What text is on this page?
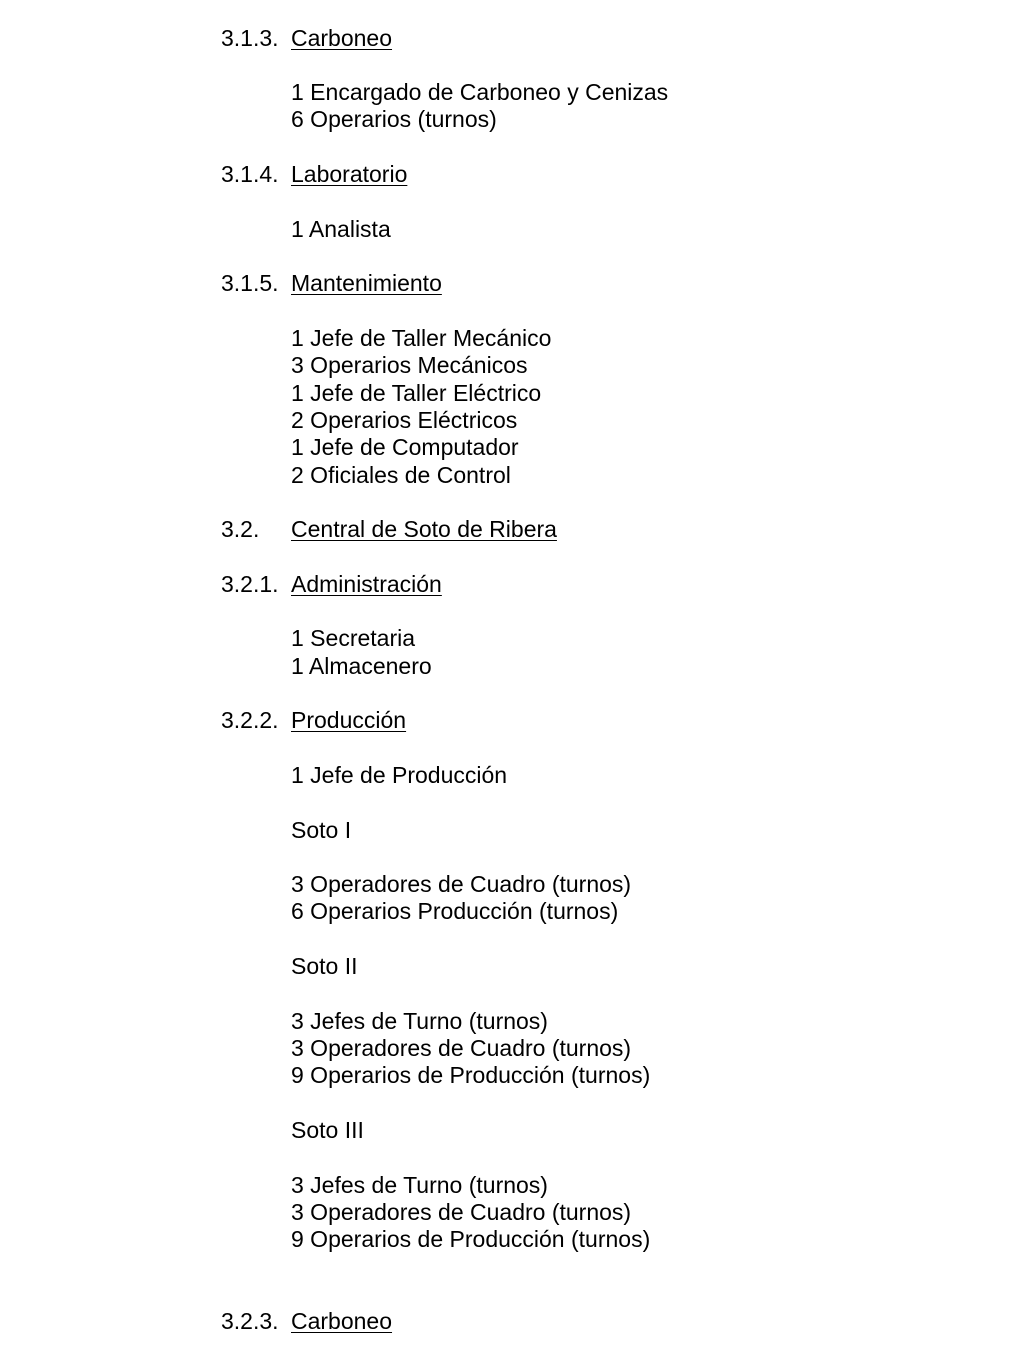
3.1.3. Carboneo
1 Encargado de Carboneo y Cenizas
6 Operarios (turnos)
3.1.4. Laboratorio
1 Analista
3.1.5. Mantenimiento
1 Jefe de Taller Mecánico
3 Operarios Mecánicos
1 Jefe de Taller Eléctrico
2 Operarios Eléctricos
1 Jefe de Computador
2 Oficiales de Control
3.2. Central de Soto de Ribera
3.2.1. Administración
1 Secretaria
1 Almacenero
3.2.2. Producción
1 Jefe de Producción
Soto I
3 Operadores de Cuadro (turnos)
6 Operarios Producción (turnos)
Soto II
3 Jefes de Turno (turnos)
3 Operadores de Cuadro (turnos)
9 Operarios de Producción (turnos)
Soto III
3 Jefes de Turno (turnos)
3 Operadores de Cuadro (turnos)
9 Operarios de Producción (turnos)
3.2.3. Carboneo
